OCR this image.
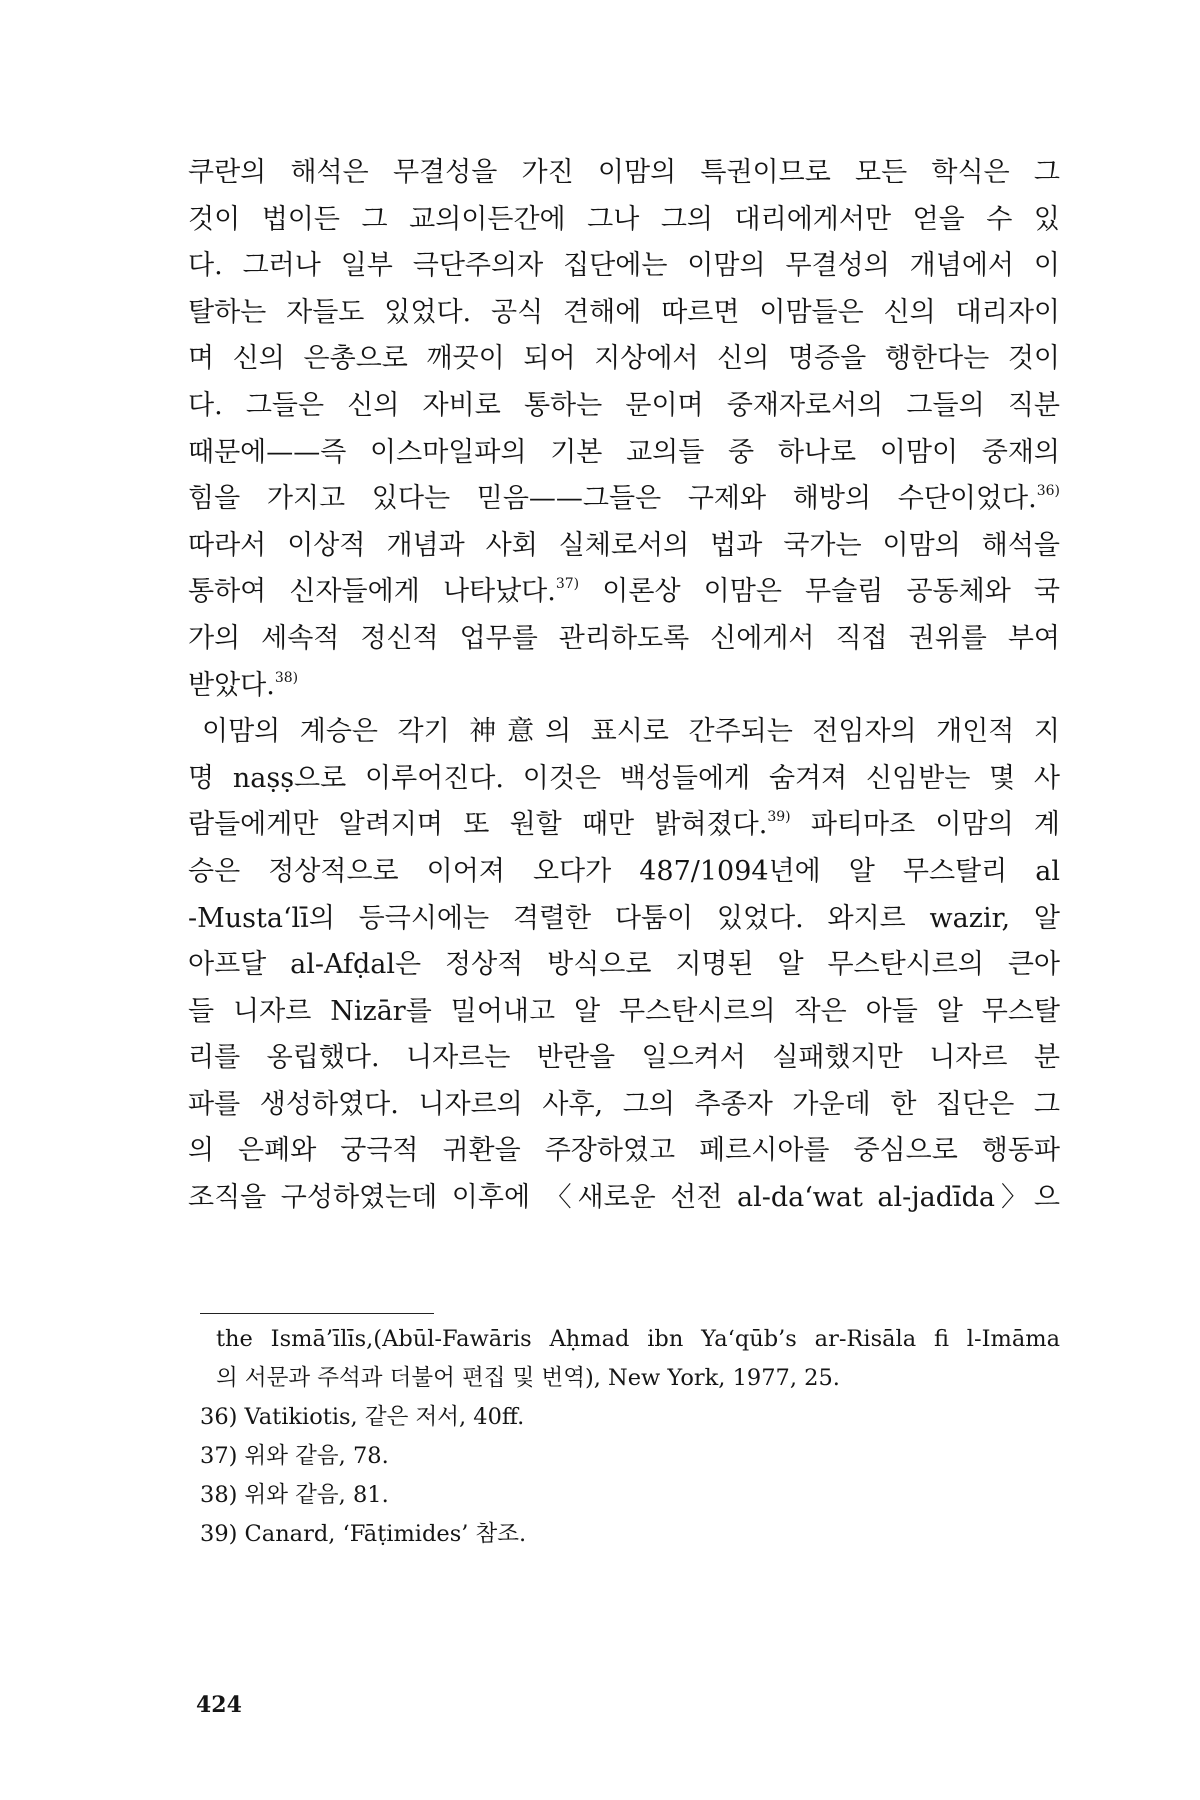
쿠란의 해석은 무결성을 가진 이맘의 특권이므로 모든 학식은 그

것이 법이든 그 교의이든간에 그나 그의 대리에게서만 얻을 수 있

다. 그러나 일부 극단주의자 집단에는 이맘의 무결성의 개념에서 이

탈하는 자들도 있었다. 공식 견해에 따르면 이맘들은 신의 대리자이

며 신의 은총으로 깨끗이 되어 지상에서 신의 명증을 행한다는 것이

다. 그들은 신의 자비로 통하는 문이며 중재자로서의 그들의 직분

때문에——즉 이스마일파의 기본 교의들 중 하나로 이맘이 중재의

힘을 가지고 있다는 믿음——그들은 구제와 해방의 수단이었다.$^{36)}$

따라서 이상적 개념과 사회 실체로서의 법과 국가는 이맘의 해석을

통하여 신자들에게 나타났다.$^{37)}$ 이론상 이맘은 무슬림 공동체와 국

가의 세속적 정신적 업무를 관리하도록 신에게서 직접 권위를 부여

받았다.$^{38)}$

이맘의 계승은 각기 神意의 표시로 간주되는 전임자의 개인적 지

명 naṣṣ으로 이루어진다. 이것은 백성들에게 숨겨져 신임받는 몇 사

람들에게만 알려지며 또 원할 때만 밝혀졌다.$^{39)}$ 파티마조 이맘의 계

승은 정상적으로 이어져 오다가 487/1094년에 알 무스탈리 al

-Musta‘lī의 등극시에는 격렬한 다툼이 있었다. 와지르 wazir, 알

아프달 al-Afḍal은 정상적 방식으로 지명된 알 무스탄시르의 큰아

들 니자르 Nizār를 밀어내고 알 무스탄시르의 작은 아들 알 무스탈

리를 옹립했다. 니자르는 반란을 일으켜서 실패했지만 니자르 분

파를 생성하였다. 니자르의 사후, 그의 추종자 가운데 한 집단은 그

의 은폐와 궁극적 귀환을 주장하였고 페르시아를 중심으로 행동파

조직을 구성하였는데 이후에 〈새로운 선전 al-da‘wat al-jadīda〉으

the Ismā’īlīs,(Abūl-Fawāris Aḥmad ibn Ya‘qūb’s ar-Risāla fi l-Imāma

의 서문과 주석과 더불어 편집 및 번역), New York, 1977, 25.

36) Vatikiotis, 같은 저서, 40ff.

37) 위와 같음, 78.

38) 위와 같음, 81.

39) Canard, ‘Fāṭimides’ 참조.

424
